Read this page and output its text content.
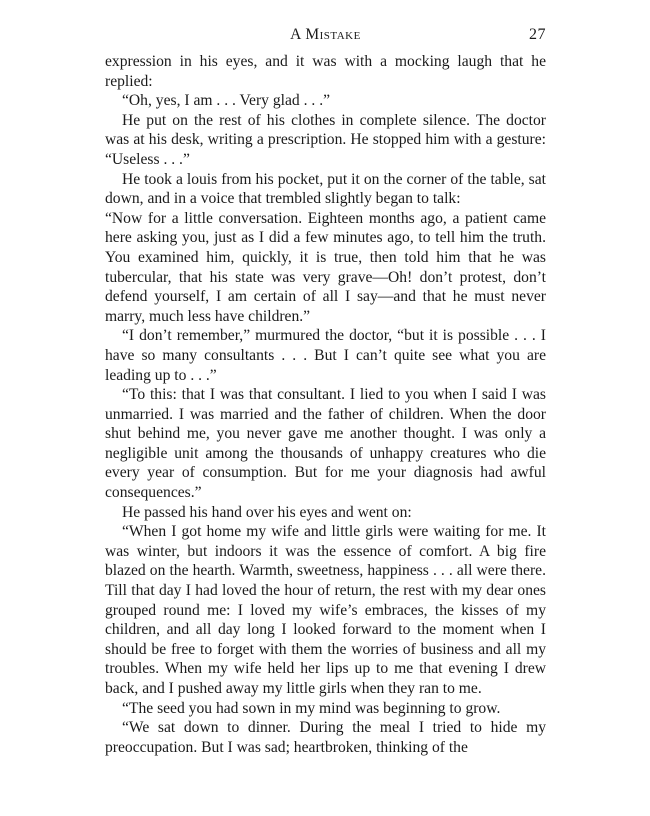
A Mistake	27

expression in his eyes, and it was with a mocking laugh that he replied:

“Oh, yes, I am . . . Very glad . . .”

He put on the rest of his clothes in complete silence. The doctor was at his desk, writing a prescription. He stopped him with a gesture: “Useless . . .”

He took a louis from his pocket, put it on the corner of the table, sat down, and in a voice that trembled slightly began to talk:

“Now for a little conversation. Eighteen months ago, a patient came here asking you, just as I did a few minutes ago, to tell him the truth. You examined him, quickly, it is true, then told him that he was tubercular, that his state was very grave—Oh! don’t protest, don’t defend yourself, I am certain of all I say—and that he must never marry, much less have children.”

“I don’t remember,” murmured the doctor, “but it is possible . . . I have so many consultants . . . But I can’t quite see what you are leading up to . . .”

“To this: that I was that consultant. I lied to you when I said I was unmarried. I was married and the father of children. When the door shut behind me, you never gave me another thought. I was only a negligible unit among the thousands of unhappy creatures who die every year of consumption. But for me your diagnosis had awful consequences.”

He passed his hand over his eyes and went on:

“When I got home my wife and little girls were waiting for me. It was winter, but indoors it was the essence of comfort. A big fire blazed on the hearth. Warmth, sweetness, happiness . . . all were there. Till that day I had loved the hour of return, the rest with my dear ones grouped round me: I loved my wife’s embraces, the kisses of my children, and all day long I looked forward to the moment when I should be free to forget with them the worries of business and all my troubles. When my wife held her lips up to me that evening I drew back, and I pushed away my little girls when they ran to me.

“The seed you had sown in my mind was beginning to grow.

“We sat down to dinner. During the meal I tried to hide my preoccupation. But I was sad; heartbroken, thinking of the
